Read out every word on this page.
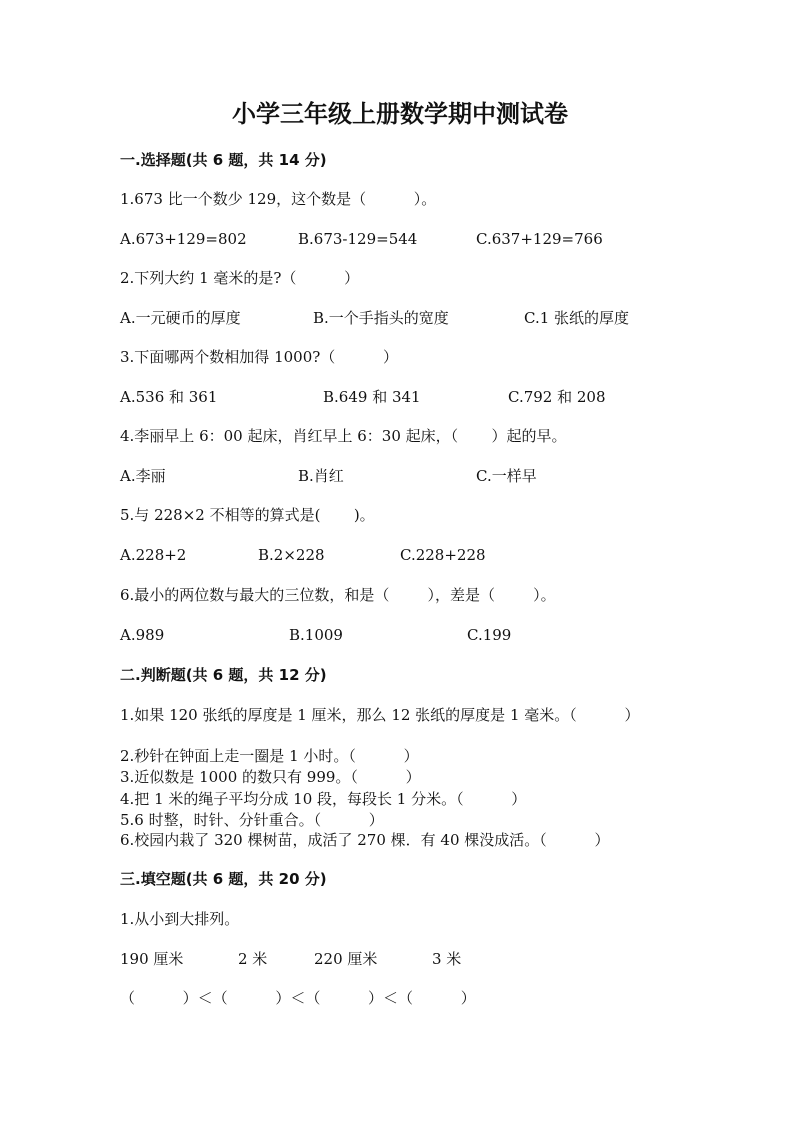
小学三年级上册数学期中测试卷
一.选择题(共 6 题，共 14 分)
1.673 比一个数少 129，这个数是（          ）。
A.673+129=802	B.673-129=544	C.637+129=766
2.下列大约 1 毫米的是?（          ）
A.一元硬币的厚度	B.一个手指头的宽度	C.1 张纸的厚度
3.下面哪两个数相加得 1000?（          ）
A.536 和 361	B.649 和 341	C.792 和 208
4.李丽早上 6：00 起床，肖红早上 6：30 起床，（       ）起的早。
A.李丽	B.肖红	C.一样早
5.与 228×2 不相等的算式是(       )。
A.228+2	B.2×228	C.228+228
6.最小的两位数与最大的三位数，和是（        ），差是（        ）。
A.989	B.1009	C.199
二.判断题(共 6 题，共 12 分)
1.如果 120 张纸的厚度是 1 厘米，那么 12 张纸的厚度是 1 毫米。（          ）
2.秒针在钟面上走一圈是 1 小时。（          ）
3.近似数是 1000 的数只有 999。（          ）
4.把 1 米的绳子平均分成 10 段，每段长 1 分米。（          ）
5.6 时整，时针、分针重合。（          ）
6.校园内栽了 320 棵树苗，成活了 270 棵．有 40 棵没成活。（          ）
三.填空题(共 6 题，共 20 分)
1.从小到大排列。
190 厘米	2 米	220 厘米	3 米
（          ）＜（          ）＜（          ）＜（          ）
